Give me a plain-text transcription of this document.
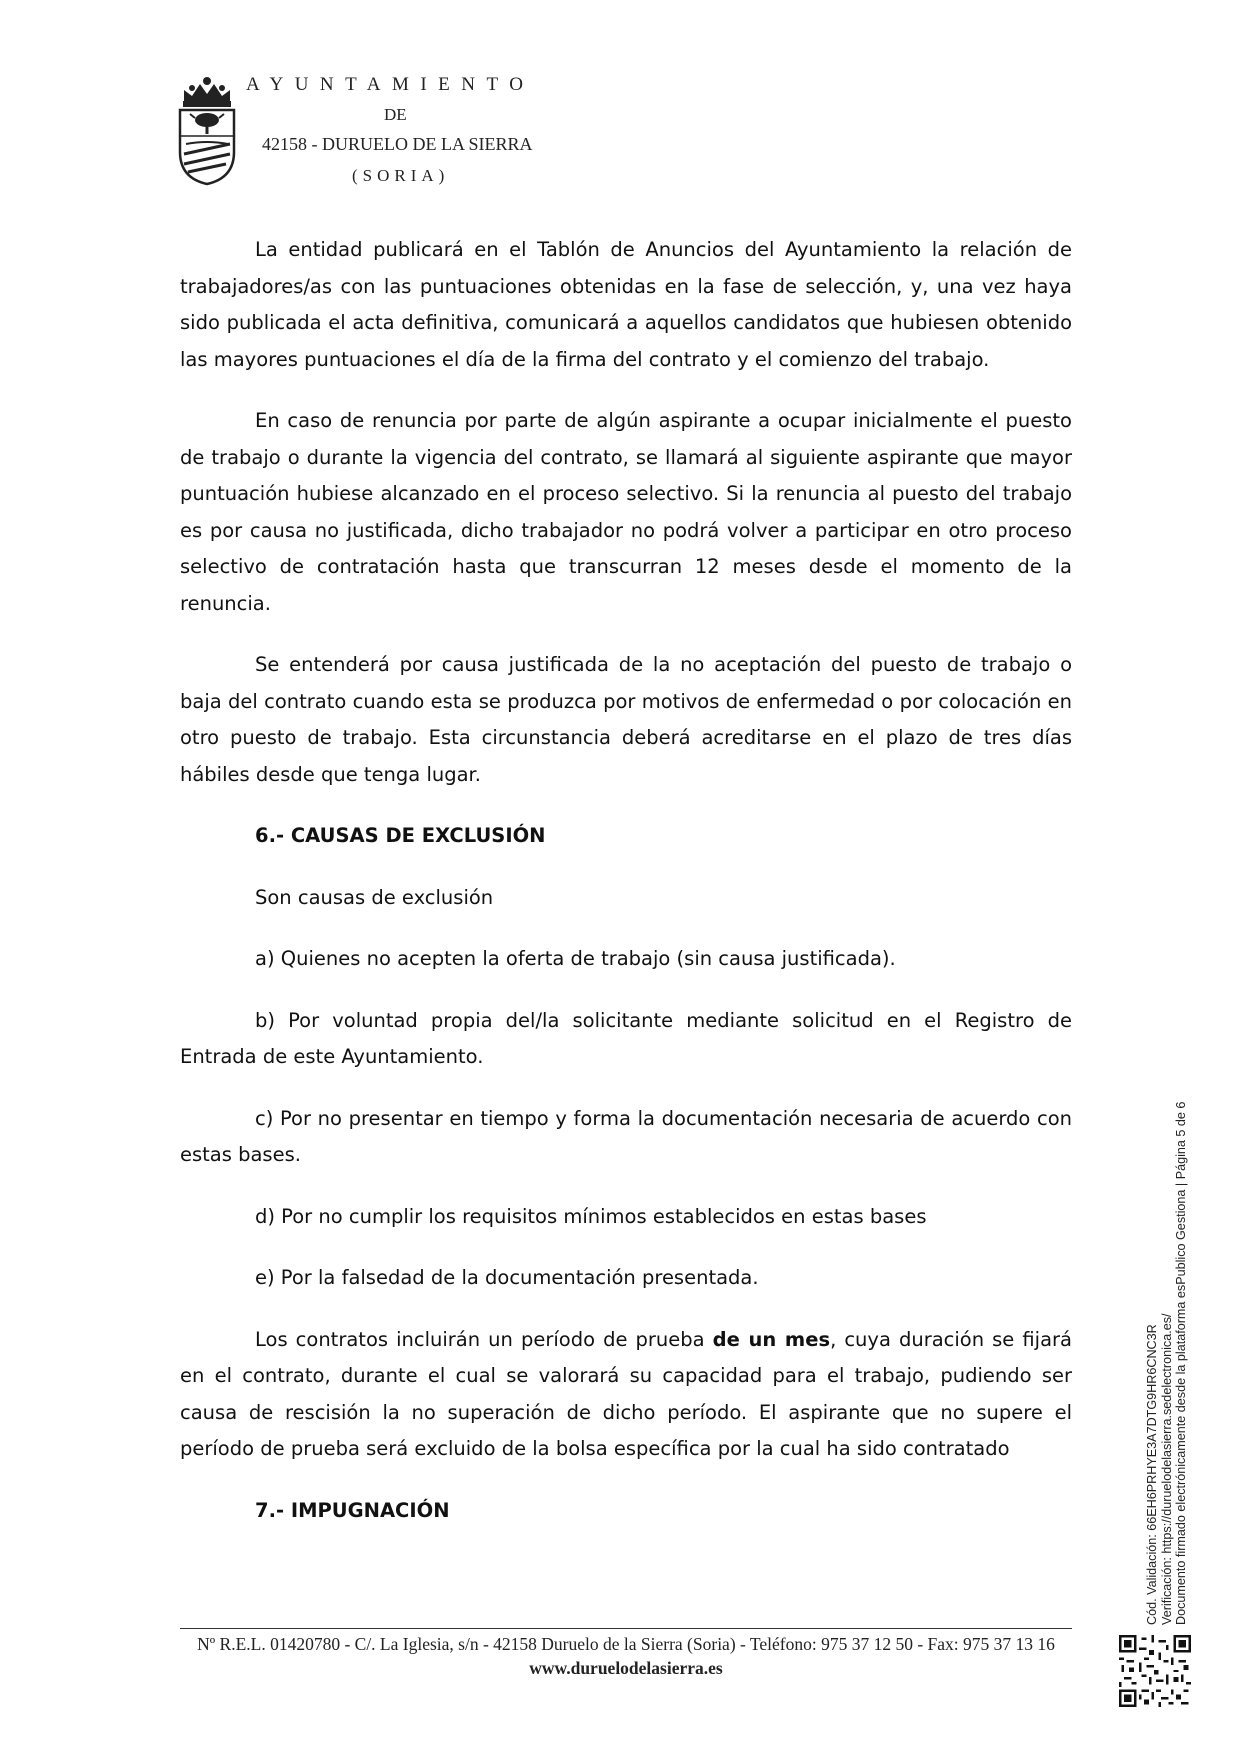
AYUNTAMIENTO
DE
42158 - DURUELO DE LA SIERRA
(SORIA)

La entidad publicará en el Tablón de Anuncios del Ayuntamiento la relación de trabajadores/as con las puntuaciones obtenidas en la fase de selección, y, una vez haya sido publicada el acta definitiva, comunicará a aquellos candidatos que hubiesen obtenido las mayores puntuaciones el día de la firma del contrato y el comienzo del trabajo.

En caso de renuncia por parte de algún aspirante a ocupar inicialmente el puesto de trabajo o durante la vigencia del contrato, se llamará al siguiente aspirante que mayor puntuación hubiese alcanzado en el proceso selectivo. Si la renuncia al puesto del trabajo es por causa no justificada, dicho trabajador no podrá volver a participar en otro proceso selectivo de contratación hasta que transcurran 12 meses desde el momento de la renuncia.

Se entenderá por causa justificada de la no aceptación del puesto de trabajo o baja del contrato cuando esta se produzca por motivos de enfermedad o por colocación en otro puesto de trabajo. Esta circunstancia deberá acreditarse en el plazo de tres días hábiles desde que tenga lugar.

6.- CAUSAS DE EXCLUSIÓN

Son causas de exclusión

a) Quienes no acepten la oferta de trabajo (sin causa justificada).

b) Por voluntad propia del/la solicitante mediante solicitud en el Registro de Entrada de este Ayuntamiento.

c) Por no presentar en tiempo y forma la documentación necesaria de acuerdo con estas bases.

d) Por no cumplir los requisitos mínimos establecidos en estas bases

e) Por la falsedad de la documentación presentada.

Los contratos incluirán un período de prueba de un mes, cuya duración se fijará en el contrato, durante el cual se valorará su capacidad para el trabajo, pudiendo ser causa de rescisión la no superación de dicho período. El aspirante que no supere el período de prueba será excluido de la bolsa específica por la cual ha sido contratado

7.- IMPUGNACIÓN

Nº R.E.L. 01420780 - C/. La Iglesia, s/n - 42158 Duruelo de la Sierra (Soria) - Teléfono: 975 37 12 50 - Fax: 975 37 13 16
www.duruelodelasierra.es
Cód. Validación: 66EH6PRHYE3A7DTG9HR6CNC3R Verificación: https://duruelodelasierra.sedelectronica.es/ Documento firmado electrónicamente desde la plataforma esPublico Gestiona | Página 5 de 6
